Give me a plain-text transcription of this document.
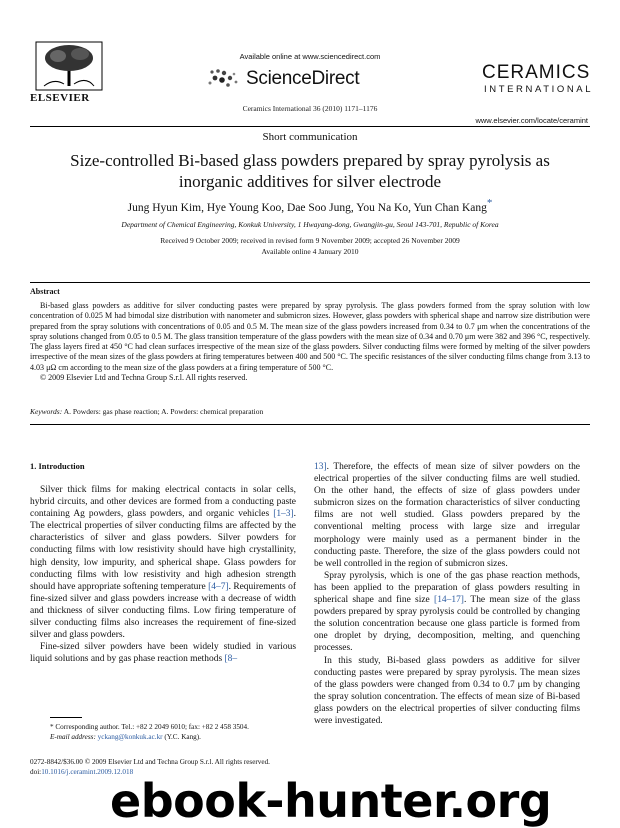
Available online at www.sciencedirect.com
ELSEVIER
ScienceDirect
Ceramics International 36 (2010) 1171–1176
CERAMICS
INTERNATIONAL
www.elsevier.com/locate/ceramint
Short communication
Size-controlled Bi-based glass powders prepared by spray pyrolysis as inorganic additives for silver electrode
Jung Hyun Kim, Hye Young Koo, Dae Soo Jung, You Na Ko, Yun Chan Kang*
Department of Chemical Engineering, Konkuk University, 1 Hwayang-dong, Gwangjin-gu, Seoul 143-701, Republic of Korea
Received 9 October 2009; received in revised form 9 November 2009; accepted 26 November 2009
Available online 4 January 2010
Abstract
Bi-based glass powders as additive for silver conducting pastes were prepared by spray pyrolysis. The glass powders formed from the spray solution with low concentration of 0.025 M had bimodal size distribution with nanometer and submicron sizes. However, glass powders with spherical shape and narrow size distribution were prepared from the spray solutions with concentrations of 0.05 and 0.5 M. The mean size of the glass powders increased from 0.34 to 0.7 μm when the concentrations of the spray solutions changed from 0.05 to 0.5 M. The glass transition temperature of the glass powders with the mean size of 0.34 and 0.70 μm were 382 and 396 °C, respectively. The glass layers fired at 450 °C had clean surfaces irrespective of the mean size of the glass powders. Silver conducting films were formed by melting of the silver powders irrespective of the mean sizes of the glass powders at firing temperatures between 400 and 500 °C. The specific resistances of the silver conducting films change from 3.13 to 4.03 μΩ cm according to the mean size of the glass powders at a firing temperature of 500 °C.
© 2009 Elsevier Ltd and Techna Group S.r.l. All rights reserved.
Keywords: A. Powders: gas phase reaction; A. Powders: chemical preparation
1. Introduction

Silver thick films for making electrical contacts in solar cells, hybrid circuits, and other devices are formed from a conducting paste containing Ag powders, glass powders, and organic vehicles [1–3]. The electrical properties of silver conducting films are affected by the characteristics of silver and glass powders. Silver powders for conducting films with low resistivity should have high crystallinity, high density, low impurity, and spherical shape. Glass powders for conducting films with low resistivity and high adhesion strength should have appropriate softening temperature [4–7]. Requirements of fine-sized silver and glass powders increase with a decrease of width and thickness of silver conducting films. Low firing temperature of silver conducting films also increases the requirement of fine-sized silver and glass powders.

Fine-sized silver powders have been widely studied in various liquid solutions and by gas phase reaction methods [8–

13]. Therefore, the effects of mean size of silver powders on the electrical properties of the silver conducting films are well studied. On the other hand, the effects of size of glass powders under submicron sizes on the formation characteristics of silver conducting films are not well studied. Glass powders prepared by the conventional melting process with large size and irregular morphology were mainly used as a permanent binder in the conducting paste. Therefore, the size of the glass powders could not be well controlled in the region of submicron sizes.

Spray pyrolysis, which is one of the gas phase reaction methods, has been applied to the preparation of glass powders resulting in spherical shape and fine size [14–17]. The mean size of the glass powders prepared by spray pyrolysis could be controlled by changing the solution concentration because one glass particle is formed from one droplet by drying, decomposition, melting, and quenching processes.

In this study, Bi-based glass powders as additive for silver conducting pastes were prepared by spray pyrolysis. The mean sizes of the glass powders were changed from 0.34 to 0.7 μm by changing the spray solution concentration. The effects of mean size of Bi-based glass powders on the electrical properties of silver conducting films were investigated.

* Corresponding author. Tel.: +82 2 2049 6010; fax: +82 2 458 3504.
E-mail address: yckang@konkuk.ac.kr (Y.C. Kang).
0272-8842/$36.00 © 2009 Elsevier Ltd and Techna Group S.r.l. All rights reserved.
doi:10.1016/j.ceramint.2009.12.018
ebook-hunter.org
